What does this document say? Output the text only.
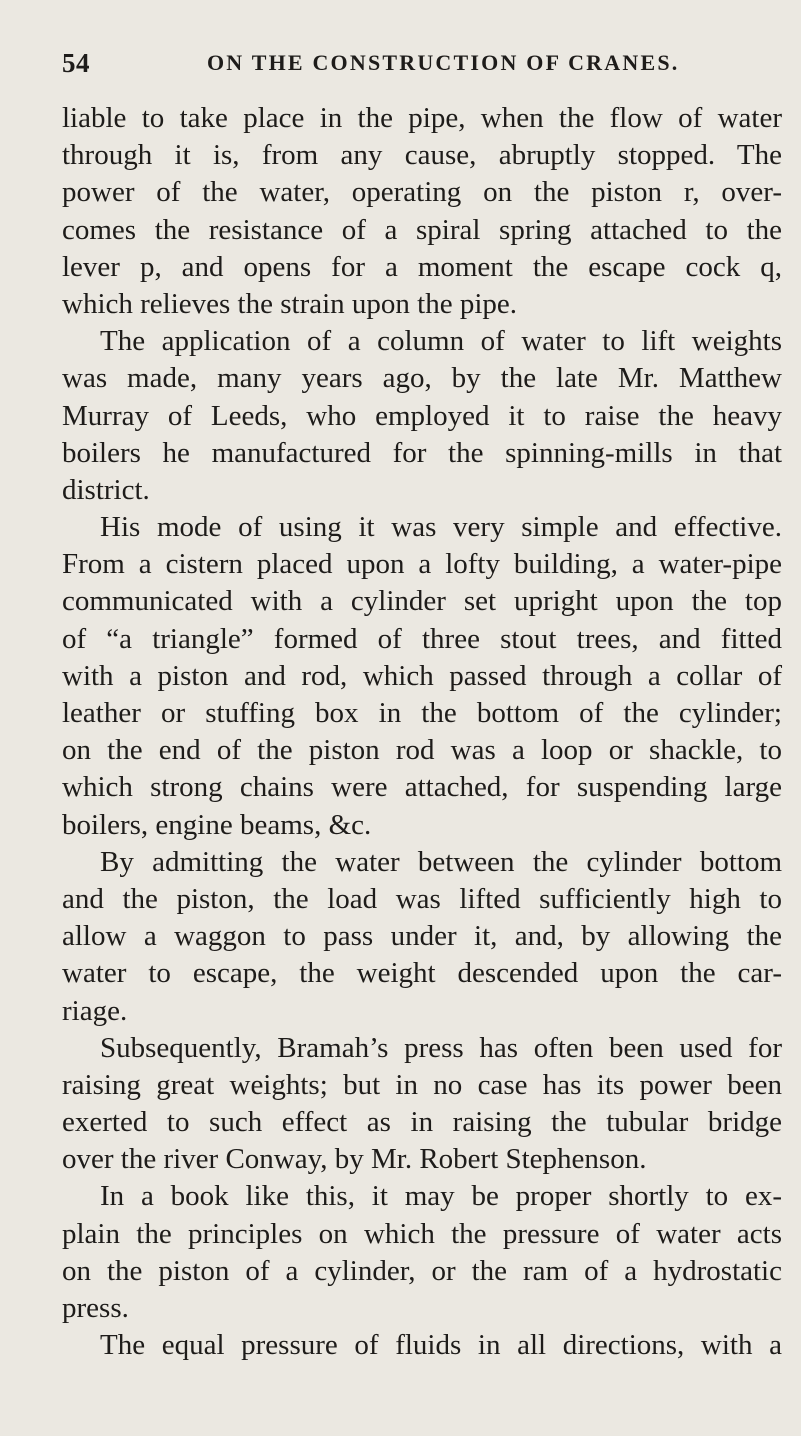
54	ON THE CONSTRUCTION OF CRANES.
liable to take place in the pipe, when the flow of water
through it is, from any cause, abruptly stopped. The
power of the water, operating on the piston r, over-
comes the resistance of a spiral spring attached to the
lever p, and opens for a moment the escape cock q,
which relieves the strain upon the pipe.
The application of a column of water to lift weights
was made, many years ago, by the late Mr. Matthew
Murray of Leeds, who employed it to raise the heavy
boilers he manufactured for the spinning-mills in that
district.
His mode of using it was very simple and effective.
From a cistern placed upon a lofty building, a water-pipe
communicated with a cylinder set upright upon the top
of “a triangle” formed of three stout trees, and fitted
with a piston and rod, which passed through a collar of
leather or stuffing box in the bottom of the cylinder;
on the end of the piston rod was a loop or shackle, to
which strong chains were attached, for suspending large
boilers, engine beams, &c.
By admitting the water between the cylinder bottom
and the piston, the load was lifted sufficiently high to
allow a waggon to pass under it, and, by allowing the
water to escape, the weight descended upon the car-
riage.
Subsequently, Bramah’s press has often been used for
raising great weights; but in no case has its power been
exerted to such effect as in raising the tubular bridge
over the river Conway, by Mr. Robert Stephenson.
In a book like this, it may be proper shortly to ex-
plain the principles on which the pressure of water acts
on the piston of a cylinder, or the ram of a hydrostatic
press.
The equal pressure of fluids in all directions, with a
